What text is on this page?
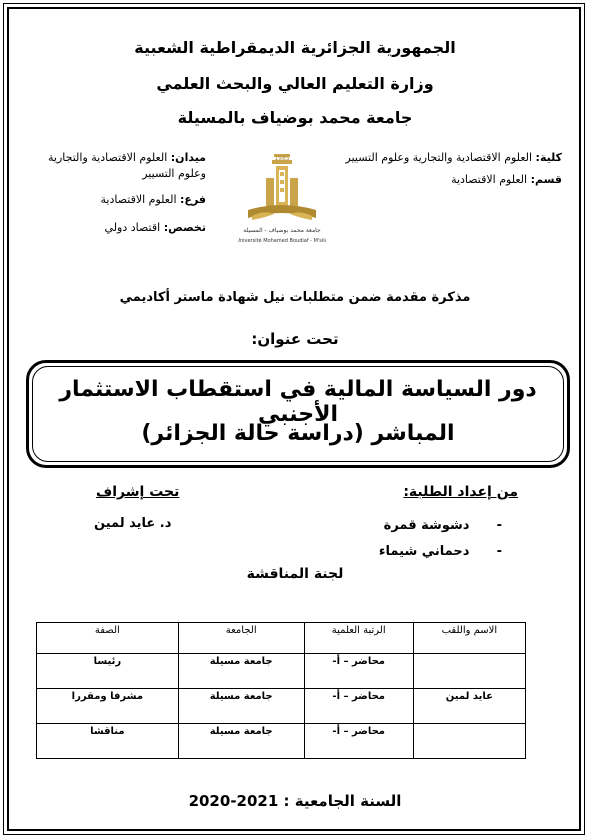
الجمهورية الجزائرية الديمقراطية الشعبية
وزارة التعليم العالي والبحث العلمي
جامعة محمد بوضياف بالمسيلة
كلية: العلوم الاقتصادية والتجارية وعلوم التسيير
قسم: العلوم الاقتصادية
ميدان: العلوم الاقتصادية والتجارية وعلوم التسيير
فرع: العلوم الاقتصادية
تخصص: اقتصاد دولي
1985
جامعة محمد بوضياف - المسيلة
Université Mohamed Boudiaf - M'sila
مذكرة مقدمة ضمن متطلبات نيل شهادة ماستر أكاديمي
تحت عنوان:
دور السياسة المالية في استقطاب الاستثمار الأجنبي
المباشر (دراسة حالة الجزائر)
من إعداد الطلبة:
-      دشوشة قمرة
-      دحماني شيماء
تحت إشراف
د. عايد لمين
لجنة المناقشة
الاسم واللقب	الرتبة العلمية	الجامعة	الصفة
	محاضر – أ-	جامعة مسيلة	رئيسا
عايد لمين	محاضر – أ-	جامعة مسيلة	مشرفا ومقررا
	محاضر – أ-	جامعة مسيلة	مناقشا
السنة الجامعية : 2021-2020
